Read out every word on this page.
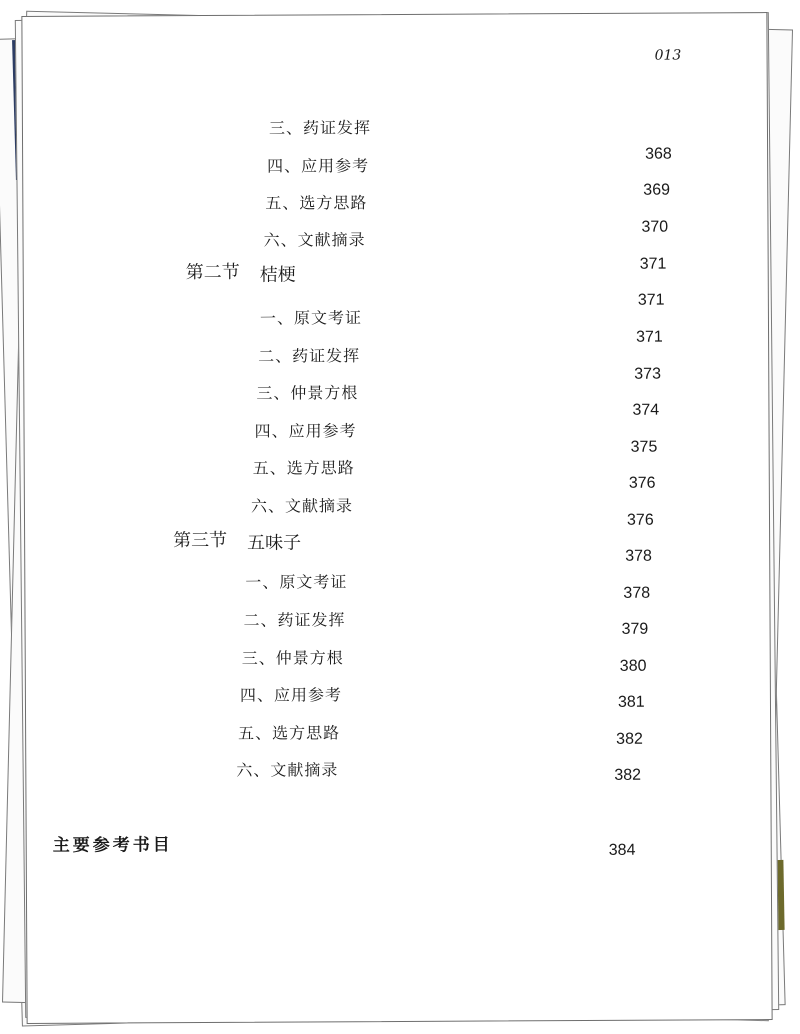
013
三、药证发挥
四、应用参考
五、选方思路
六、文献摘录
第二节 桔梗
一、原文考证
二、药证发挥
三、仲景方根
四、应用参考
五、选方思路
六、文献摘录
第三节 五味子
一、原文考证
二、药证发挥
三、仲景方根
四、应用参考
五、选方思路
六、文献摘录
主要参考书目
368
369
370
371
371
371
373
374
375
376
376
378
378
379
380
381
382
382
384
